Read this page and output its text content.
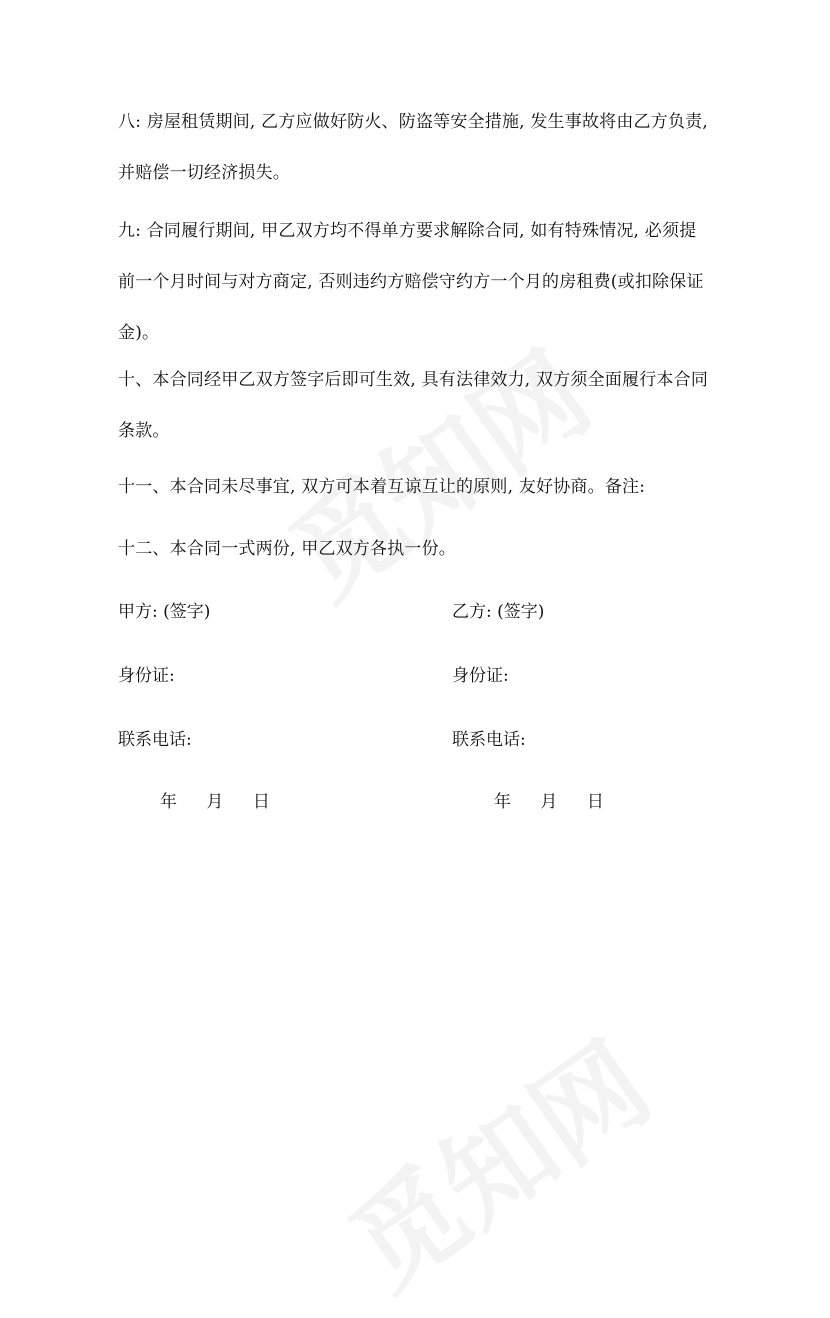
八: 房屋租赁期间, 乙方应做好防火、防盗等安全措施, 发生事故将由乙方负责, 并赔偿一切经济损失。

九: 合同履行期间, 甲乙双方均不得单方要求解除合同, 如有特殊情况, 必须提前一个月时间与对方商定, 否则违约方赔偿守约方一个月的房租费(或扣除保证金)。

十、本合同经甲乙双方签字后即可生效, 具有法律效力, 双方须全面履行本合同条款。

十一、本合同未尽事宜, 双方可本着互谅互让的原则, 友好协商。备注:

十二、本合同一式两份, 甲乙双方各执一份。

甲方: (签字)
身份证:
联系电话:
年 月 日
乙方: (签字)
身份证:
联系电话:
年 月 日
